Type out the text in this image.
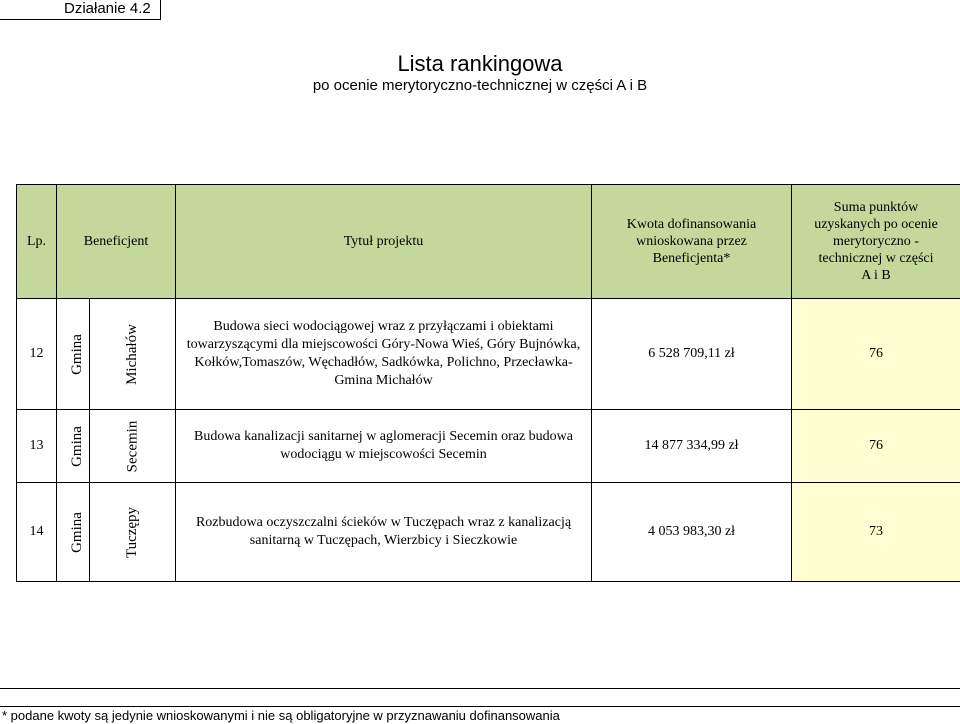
Działanie 4.2
Lista rankingowa
po ocenie merytoryczno-technicznej w części A i B
Lp.	Beneficjent		Tytuł projektu	Kwota dofinansowania wnioskowana przez Beneficjenta*	Suma punktów uzyskanych po ocenie merytoryczno -technicznej w części A i B
12	Gmina	Michałów	Budowa sieci wodociągowej wraz z przyłączami i obiektami towarzyszącymi dla miejscowości Góry-Nowa Wieś, Góry Bujnówka, Kołków,Tomaszów, Węchadłów, Sadkówka, Polichno, Przecławka-Gmina Michałów	6 528 709,11 zł	76
13	Gmina	Secemin	Budowa kanalizacji sanitarnej w aglomeracji Secemin oraz budowa wodociągu w miejscowości Secemin	14 877 334,99 zł	76
14	Gmina	Tuczępy	Rozbudowa oczyszczalni ścieków w Tuczępach wraz z kanalizacją sanitarną w Tuczępach, Wierzbicy i Sieczkowie	4 053 983,30 zł	73
* podane kwoty są jedynie wnioskowanymi i nie są obligatoryjne w przyznawaniu dofinansowania
